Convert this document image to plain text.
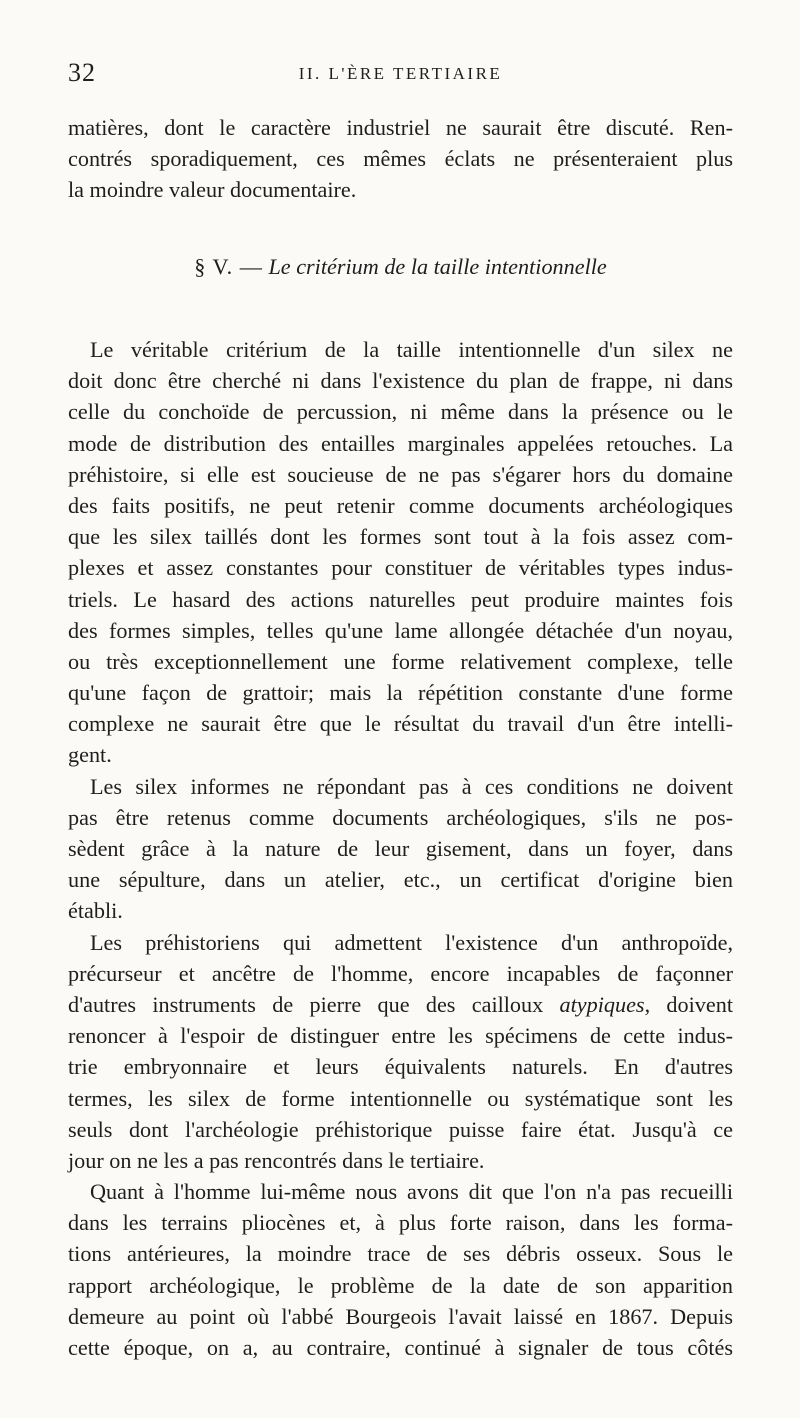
32	II. L'ÈRE TERTIAIRE
matières, dont le caractère industriel ne saurait être discuté. Ren-
contrés sporadiquement, ces mêmes éclats ne présenteraient plus
la moindre valeur documentaire.
§ V. — Le critérium de la taille intentionnelle
Le véritable critérium de la taille intentionnelle d'un silex ne
doit donc être cherché ni dans l'existence du plan de frappe, ni dans
celle du conchoïde de percussion, ni même dans la présence ou le
mode de distribution des entailles marginales appelées retouches. La
préhistoire, si elle est soucieuse de ne pas s'égarer hors du domaine
des faits positifs, ne peut retenir comme documents archéologiques
que les silex taillés dont les formes sont tout à la fois assez com-
plexes et assez constantes pour constituer de véritables types indus-
triels. Le hasard des actions naturelles peut produire maintes fois
des formes simples, telles qu'une lame allongée détachée d'un noyau,
ou très exceptionnellement une forme relativement complexe, telle
qu'une façon de grattoir; mais la répétition constante d'une forme
complexe ne saurait être que le résultat du travail d'un être intelli-
gent.
Les silex informes ne répondant pas à ces conditions ne doivent
pas être retenus comme documents archéologiques, s'ils ne pos-
sèdent grâce à la nature de leur gisement, dans un foyer, dans
une sépulture, dans un atelier, etc., un certificat d'origine bien
établi.
Les préhistoriens qui admettent l'existence d'un anthropoïde,
précurseur et ancêtre de l'homme, encore incapables de façonner
d'autres instruments de pierre que des cailloux atypiques, doivent
renoncer à l'espoir de distinguer entre les spécimens de cette indus-
trie embryonnaire et leurs équivalents naturels. En d'autres
termes, les silex de forme intentionnelle ou systématique sont les
seuls dont l'archéologie préhistorique puisse faire état. Jusqu'à ce
jour on ne les a pas rencontrés dans le tertiaire.
Quant à l'homme lui-même nous avons dit que l'on n'a pas recueilli
dans les terrains pliocènes et, à plus forte raison, dans les forma-
tions antérieures, la moindre trace de ses débris osseux. Sous le
rapport archéologique, le problème de la date de son apparition
demeure au point où l'abbé Bourgeois l'avait laissé en 1867. Depuis
cette époque, on a, au contraire, continué à signaler de tous côtés
